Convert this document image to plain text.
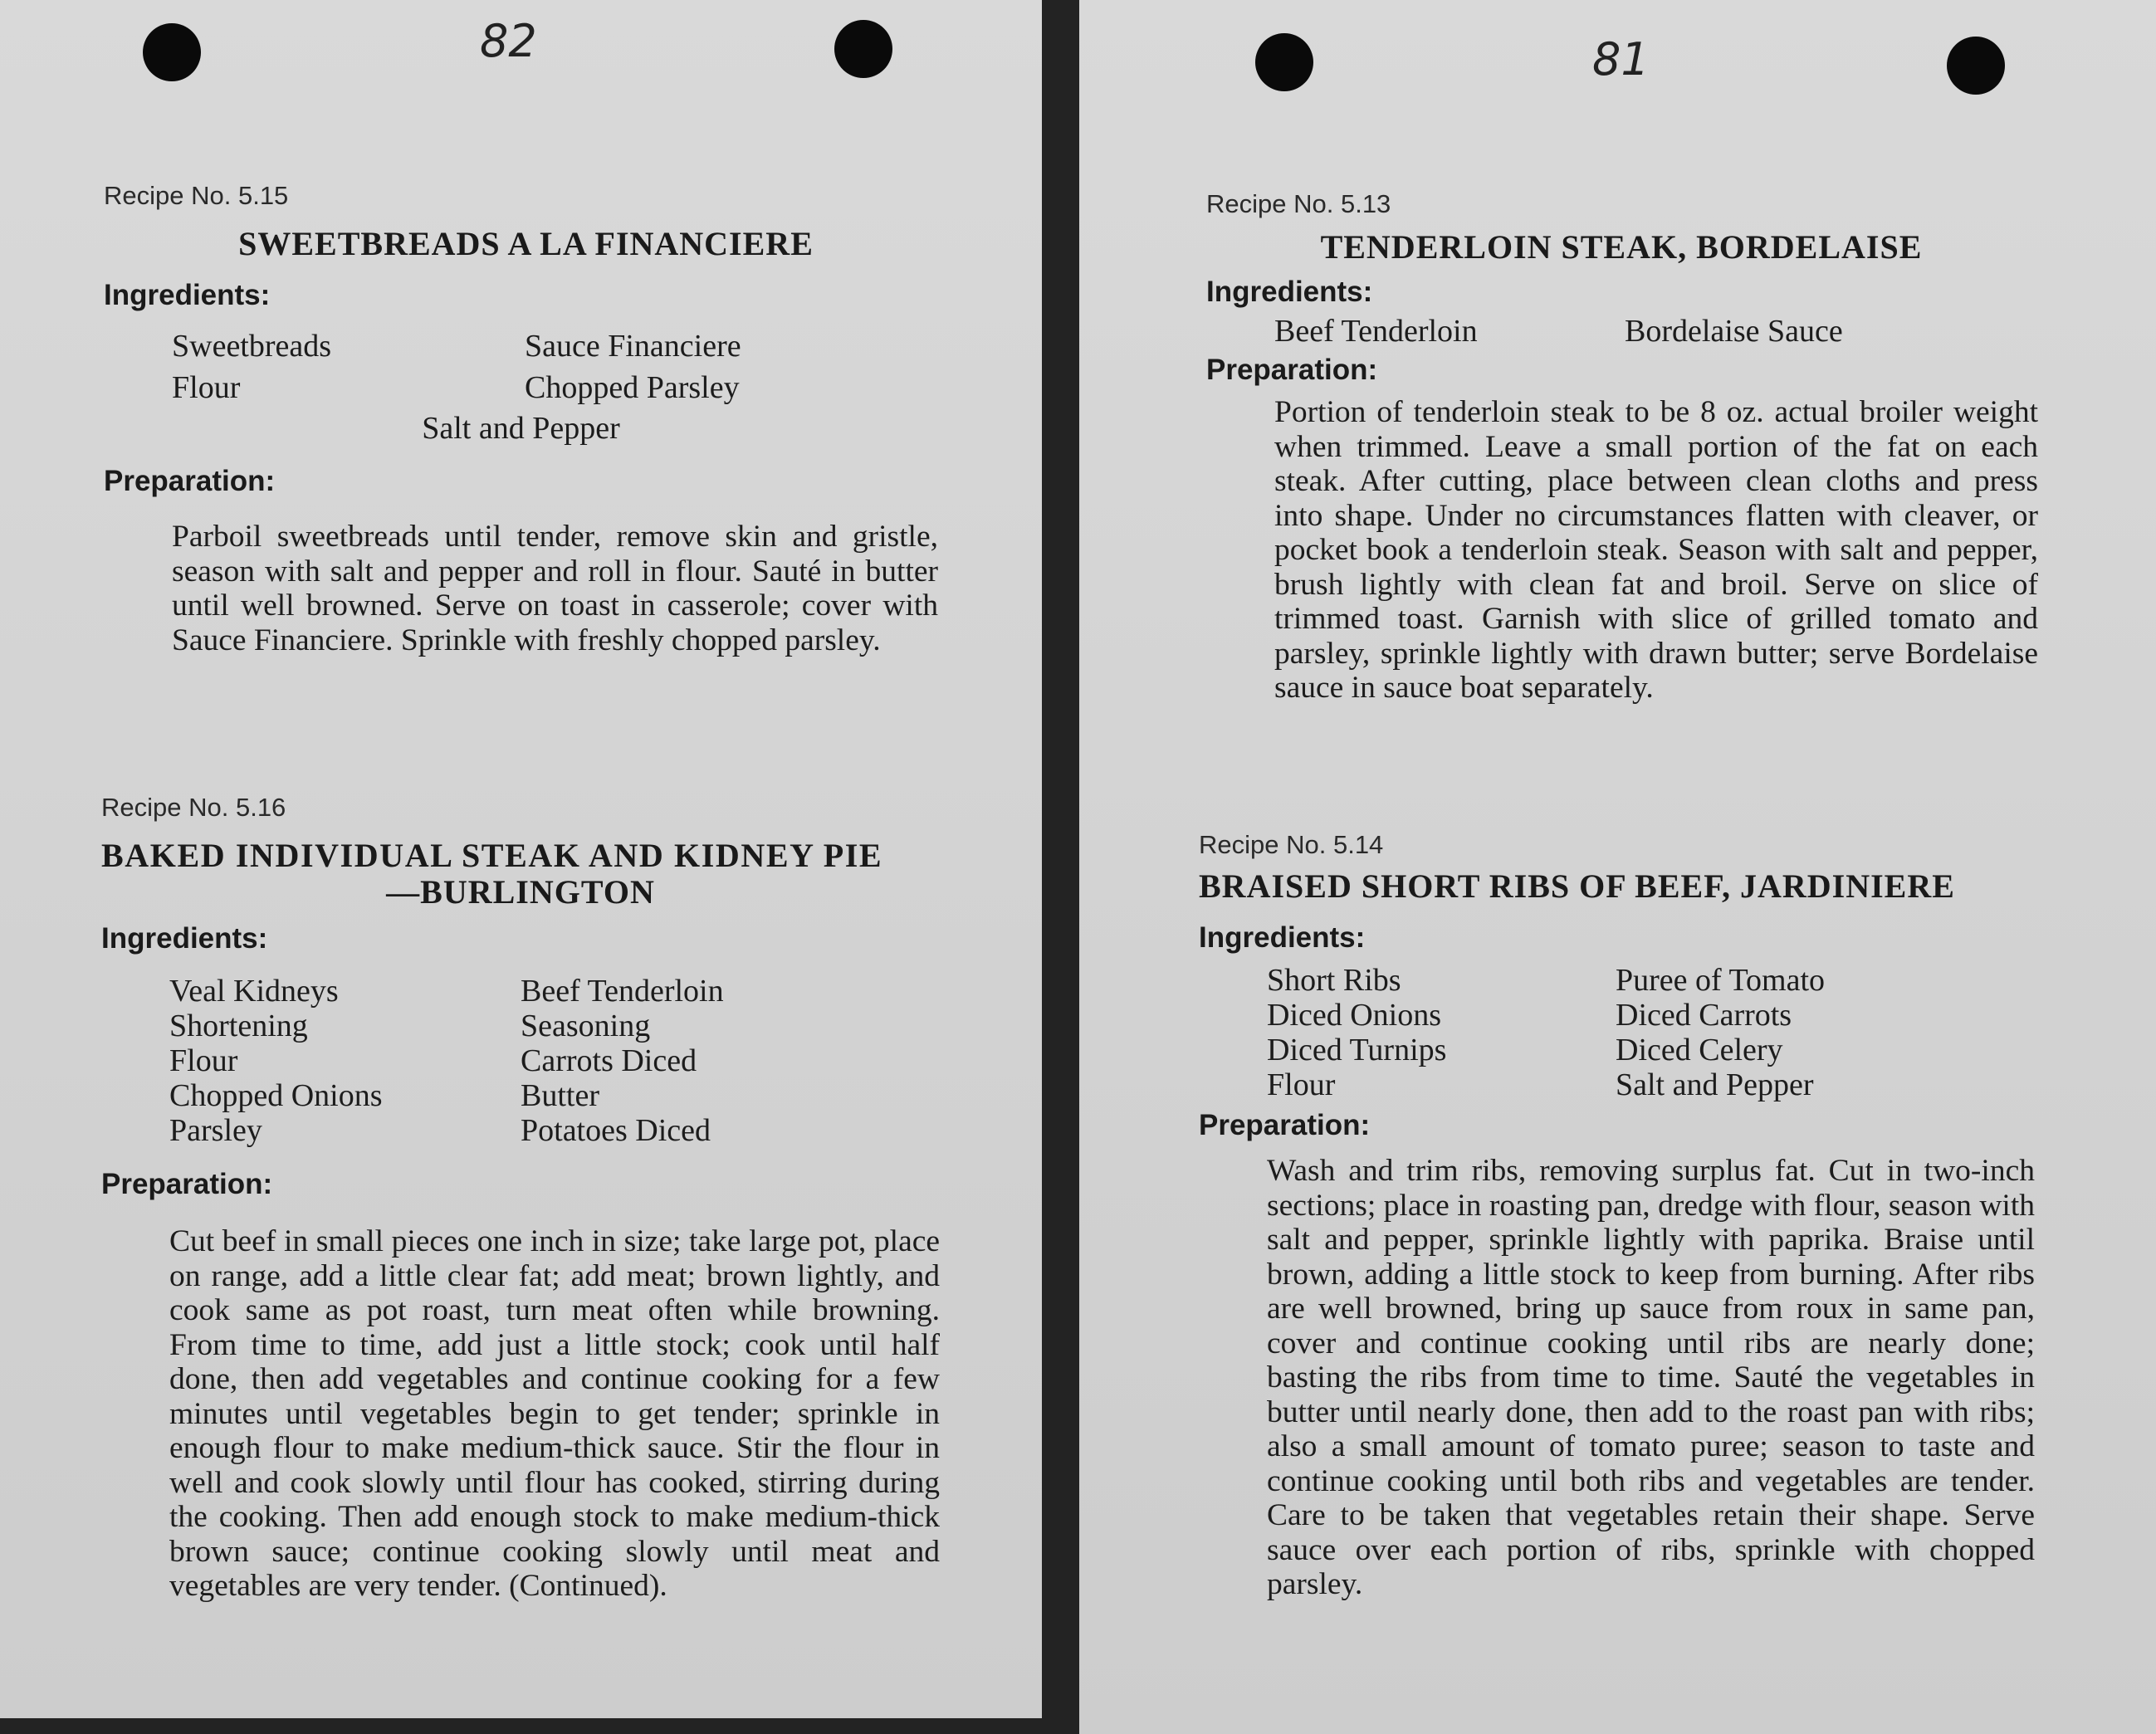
82
Recipe No. 5.15
SWEETBREADS A LA FINANCIERE
Ingredients:
Sweetbreads	Sauce Financiere
Flour	Chopped Parsley
Salt and Pepper
Preparation:
Parboil sweetbreads until tender, remove skin and gristle, season with salt and pepper and roll in flour. Sauté in butter until well browned. Serve on toast in casserole; cover with Sauce Financiere. Sprinkle with freshly chopped parsley.
Recipe No. 5.16
BAKED INDIVIDUAL STEAK AND KIDNEY PIE
—BURLINGTON
Ingredients:
Veal Kidneys	Beef Tenderloin
Shortening	Seasoning
Flour	Carrots Diced
Chopped Onions	Butter
Parsley	Potatoes Diced
Preparation:
Cut beef in small pieces one inch in size; take large pot, place on range, add a little clear fat; add meat; brown lightly, and cook same as pot roast, turn meat often while browning. From time to time, add just a little stock; cook until half done, then add vegetables and continue cooking for a few minutes until vegetables begin to get tender; sprinkle in enough flour to make medium-thick sauce. Stir the flour in well and cook slowly until flour has cooked, stirring during the cooking. Then add enough stock to make medium-thick brown sauce; continue cooking slowly until meat and vegetables are very tender. (Continued).
81
Recipe No. 5.13
TENDERLOIN STEAK, BORDELAISE
Ingredients:
Beef Tenderloin	Bordelaise Sauce
Preparation:
Portion of tenderloin steak to be 8 oz. actual broiler weight when trimmed. Leave a small portion of the fat on each steak. After cutting, place between clean cloths and press into shape. Under no circumstances flatten with cleaver, or pocket book a tenderloin steak. Season with salt and pepper, brush lightly with clean fat and broil. Serve on slice of trimmed toast. Garnish with slice of grilled tomato and parsley, sprinkle lightly with drawn butter; serve Bordelaise sauce in sauce boat separately.
Recipe No. 5.14
BRAISED SHORT RIBS OF BEEF, JARDINIERE
Ingredients:
Short Ribs	Puree of Tomato
Diced Onions	Diced Carrots
Diced Turnips	Diced Celery
Flour	Salt and Pepper
Preparation:
Wash and trim ribs, removing surplus fat. Cut in two-inch sections; place in roasting pan, dredge with flour, season with salt and pepper, sprinkle lightly with paprika. Braise until brown, adding a little stock to keep from burning. After ribs are well browned, bring up sauce from roux in same pan, cover and continue cooking until ribs are nearly done; basting the ribs from time to time. Sauté the vegetables in butter until nearly done, then add to the roast pan with ribs; also a small amount of tomato puree; season to taste and continue cooking until both ribs and vegetables are tender. Care to be taken that vegetables retain their shape. Serve sauce over each portion of ribs, sprinkle with chopped parsley.
